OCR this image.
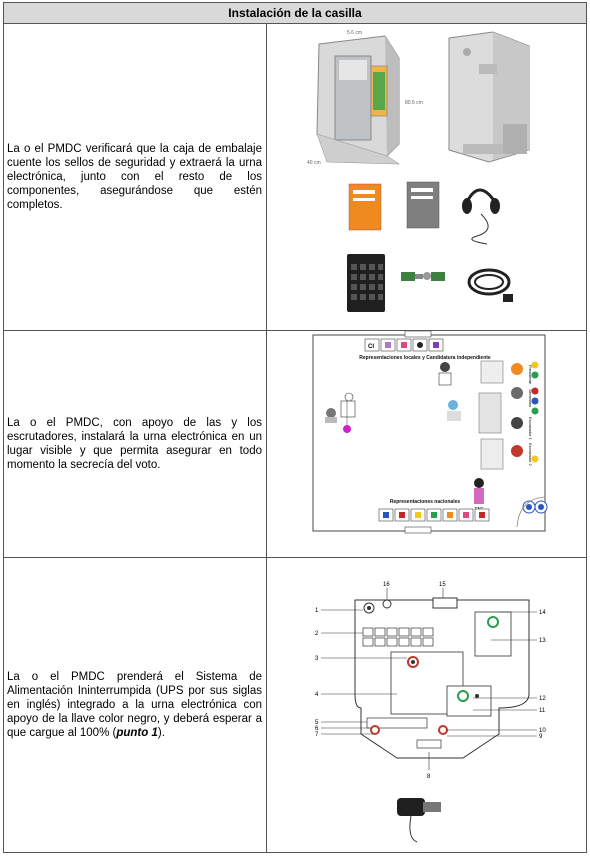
Instalación de la casilla
La o el PMDC verificará que la caja de embalaje cuente los sellos de seguridad y extraerá la urna electrónica, junto con el resto de los componentes, asegurándose que estén completos.
5.6 cm
40 cm
80.5 cm
La o el PMDC, con apoyo de las y los escrutadores, instalará la urna electrónica en un lugar visible y que permita asegurar en todo momento la secrecía del voto.
CI
Representaciones locales y Candidatura independiente
Presidente
Secretario
Escrutador 1
Escrutador 2
Representaciones nacionales
La o el PMDC prenderá el Sistema de Alimentación Ininterrumpida (UPS por sus siglas en inglés) integrado a la urna electrónica con apoyo de la llave color negro, y deberá esperar a que cargue al 100% (punto 1).
1
2
3
4
5
6
7
14
13
12
11
10
9
16	15
8
